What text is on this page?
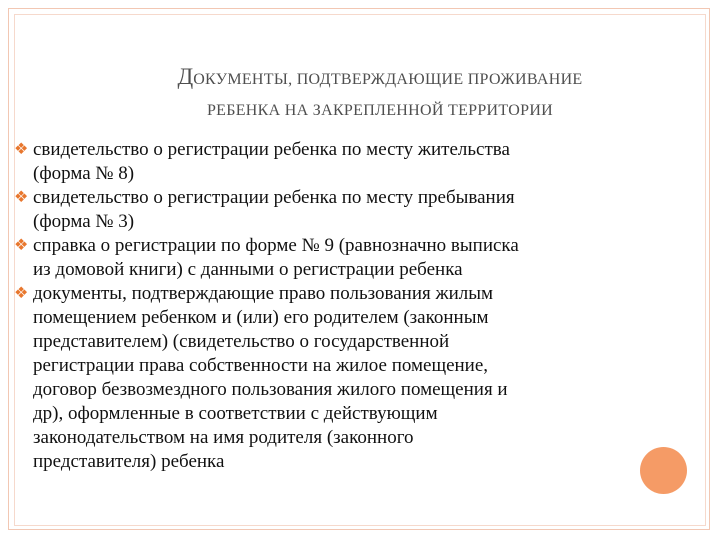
ДОКУМЕНТЫ, ПОДТВЕРЖДАЮЩИЕ ПРОЖИВАНИЕ
РЕБЕНКА НА ЗАКРЕПЛЕННОЙ ТЕРРИТОРИИ
❖ свидетельство о регистрации ребенка по месту жительства
(форма № 8)
❖ свидетельство о регистрации ребенка по месту пребывания
(форма № 3)
❖ справка о регистрации по форме № 9 (равнозначно выписка
из домовой книги) с данными о регистрации ребенка
❖ документы, подтверждающие право пользования жилым
помещением ребенком и (или) его родителем (законным
представителем) (свидетельство о государственной
регистрации права собственности на жилое помещение,
договор безвозмездного пользования жилого помещения и
др), оформленные в соответствии с действующим
законодательством на имя родителя (законного
представителя) ребенка
